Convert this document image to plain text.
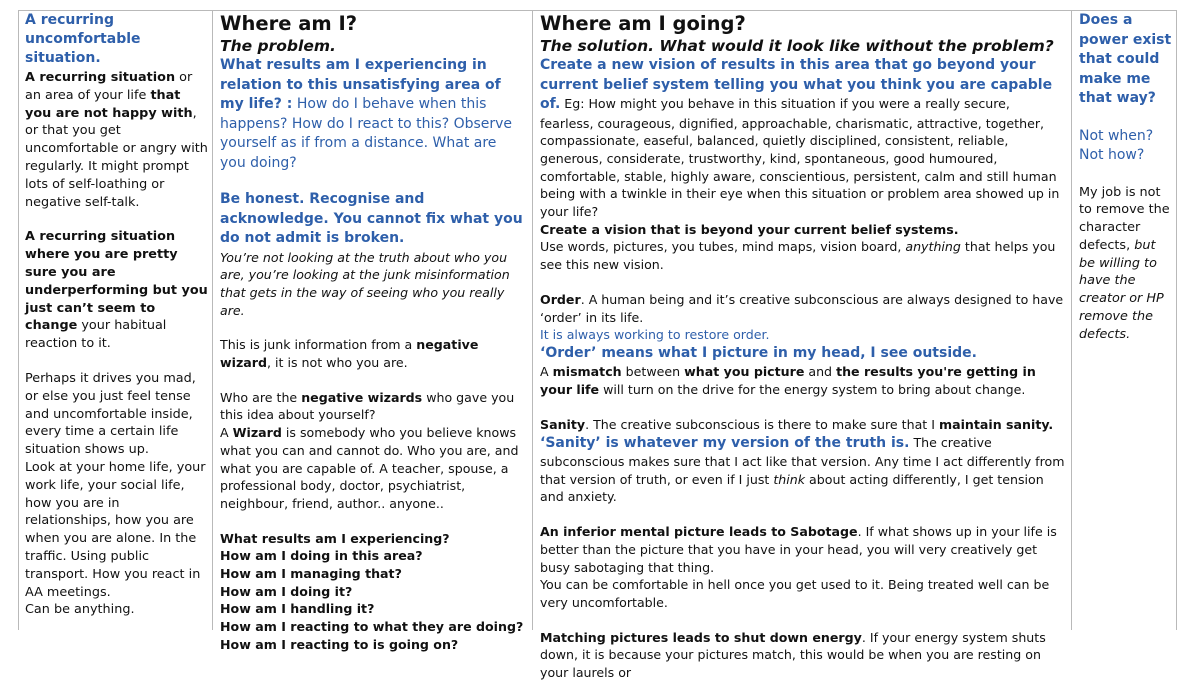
A recurring uncomfortable situation.

A recurring situation or an area of your life that you are not happy with, or that you get uncomfortable or angry with regularly. It might prompt lots of self-loathing or negative self-talk.

A recurring situation where you are pretty sure you are underperforming but you just can’t seem to change your habitual reaction to it.

Perhaps it drives you mad, or else you just feel tense and uncomfortable inside, every time a certain life situation shows up.

Look at your home life, your work life, your social life, how you are in relationships, how you are when you are alone. In the traffic. Using public transport. How you react in AA meetings.

Can be anything.

Where am I?

The problem.

What results am I experiencing in relation to this unsatisfying area of my life? : How do I behave when this happens? How do I react to this? Observe yourself as if from a distance. What are you doing?

Be honest. Recognise and acknowledge. You cannot fix what you do not admit is broken.

You’re not looking at the truth about who you are, you’re looking at the junk misinformation that gets in the way of seeing who you really are.

This is junk information from a negative wizard, it is not who you are.

Who are the negative wizards who gave you this idea about yourself?

A Wizard is somebody who you believe knows what you can and cannot do. Who you are, and what you are capable of. A teacher, spouse, a professional body, doctor, psychiatrist, neighbour, friend, author.. anyone..

What results am I experiencing?

How am I doing in this area?

How am I managing that?

How am I doing it?

How am I handling it?

How am I reacting to what they are doing?

How am I reacting to is going on?

Where am I going?

The solution. What would it look like without the problem?

Create a new vision of results in this area that go beyond your current belief system telling you what you think you are capable of. Eg: How might you behave in this situation if you were a really secure, fearless, courageous, dignified, approachable, charismatic, attractive, together, compassionate, easeful, balanced, quietly disciplined, consistent, reliable, generous, considerate, trustworthy, kind, spontaneous, good humoured, comfortable, stable, highly aware, conscientious, persistent, calm and still human being with a twinkle in their eye when this situation or problem area showed up in your life?

Create a vision that is beyond your current belief systems.

Use words, pictures, you tubes, mind maps, vision board, anything that helps you see this new vision.

Order. A human being and it’s creative subconscious are always designed to have ‘order’ in its life.

It is always working to restore order.

‘Order’ means what I picture in my head, I see outside.

A mismatch between what you picture and the results you're getting in your life will turn on the drive for the energy system to bring about change.

Sanity. The creative subconscious is there to make sure that I maintain sanity.

‘Sanity’ is whatever my version of the truth is. The creative subconscious makes sure that I act like that version. Any time I act differently from that version of truth, or even if I just think about acting differently, I get tension and anxiety.

An inferior mental picture leads to Sabotage. If what shows up in your life is better than the picture that you have in your head, you will very creatively get busy sabotaging that thing.

You can be comfortable in hell once you get used to it. Being treated well can be very uncomfortable.

Matching pictures leads to shut down energy. If your energy system shuts down, it is because your pictures match, this would be when you are resting on your laurels or

Does a power exist that could make me that way?

Not when?

Not how?

My job is not to remove the character defects, but be willing to have the creator or HP remove the defects.
